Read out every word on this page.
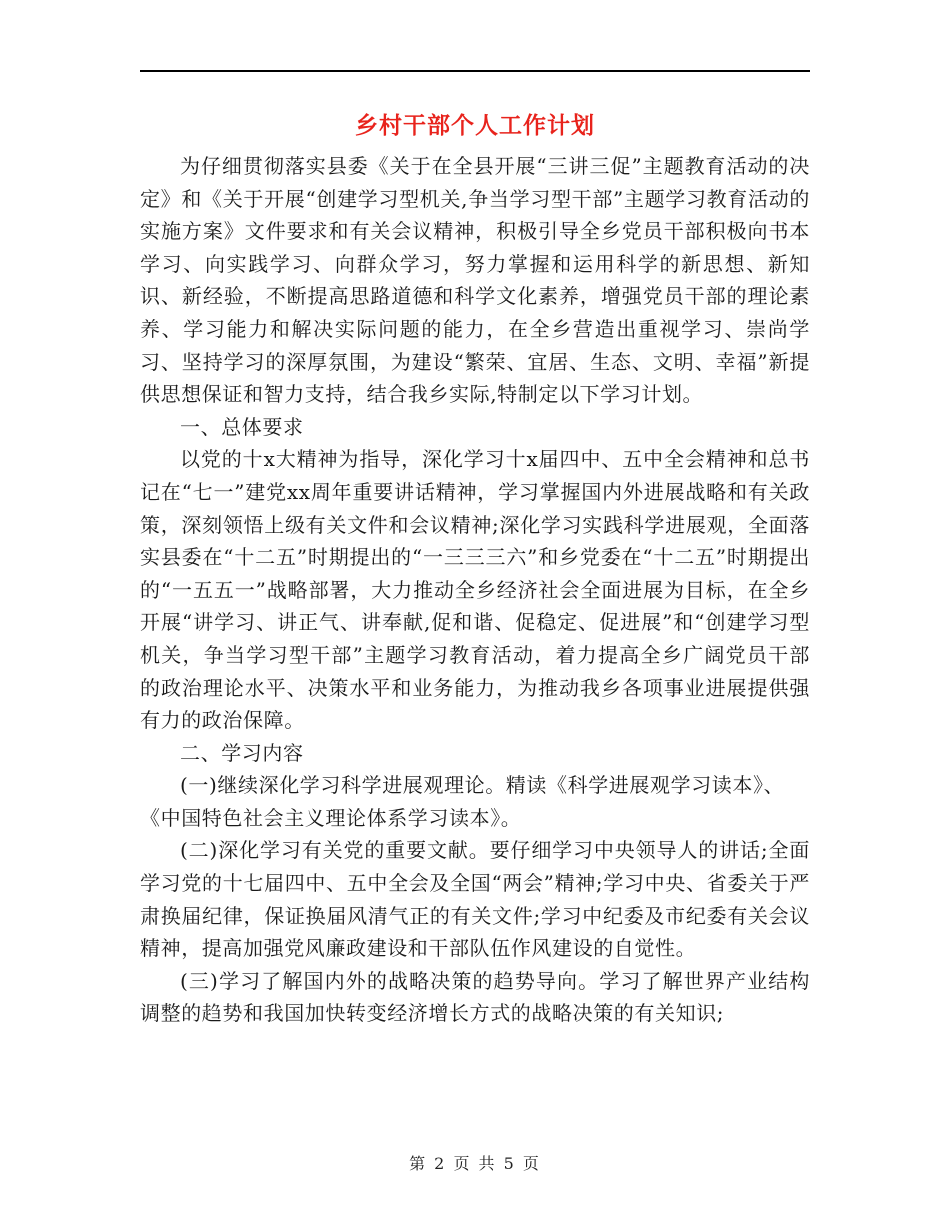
乡村干部个人工作计划

为仔细贯彻落实县委《关于在全县开展“三讲三促”主题教育活动的决定》和《关于开展“创建学习型机关,争当学习型干部”主题学习教育活动的实施方案》文件要求和有关会议精神，积极引导全乡党员干部积极向书本学习、向实践学习、向群众学习，努力掌握和运用科学的新思想、新知识、新经验，不断提高思路道德和科学文化素养，增强党员干部的理论素养、学习能力和解决实际问题的能力，在全乡营造出重视学习、崇尚学习、坚持学习的深厚氛围，为建设“繁荣、宜居、生态、文明、幸福”新提供思想保证和智力支持，结合我乡实际,特制定以下学习计划。

一、总体要求

以党的十x大精神为指导，深化学习十x届四中、五中全会精神和总书记在“七一”建党xx周年重要讲话精神，学习掌握国内外进展战略和有关政策，深刻领悟上级有关文件和会议精神;深化学习实践科学进展观，全面落实县委在“十二五”时期提出的“一三三三六”和乡党委在“十二五”时期提出的“一五五一”战略部署，大力推动全乡经济社会全面进展为目标，在全乡开展“讲学习、讲正气、讲奉献,促和谐、促稳定、促进展”和“创建学习型机关，争当学习型干部”主题学习教育活动，着力提高全乡广阔党员干部的政治理论水平、决策水平和业务能力，为推动我乡各项事业进展提供强有力的政治保障。

二、学习内容

(一)继续深化学习科学进展观理论。精读《科学进展观学习读本》、《中国特色社会主义理论体系学习读本》。

(二)深化学习有关党的重要文献。要仔细学习中央领导人的讲话;全面学习党的十七届四中、五中全会及全国“两会”精神;学习中央、省委关于严肃换届纪律，保证换届风清气正的有关文件;学习中纪委及市纪委有关会议精神，提高加强党风廉政建设和干部队伍作风建设的自觉性。

(三)学习了解国内外的战略决策的趋势导向。学习了解世界产业结构调整的趋势和我国加快转变经济增长方式的战略决策的有关知识;

第 2 页 共 5 页
